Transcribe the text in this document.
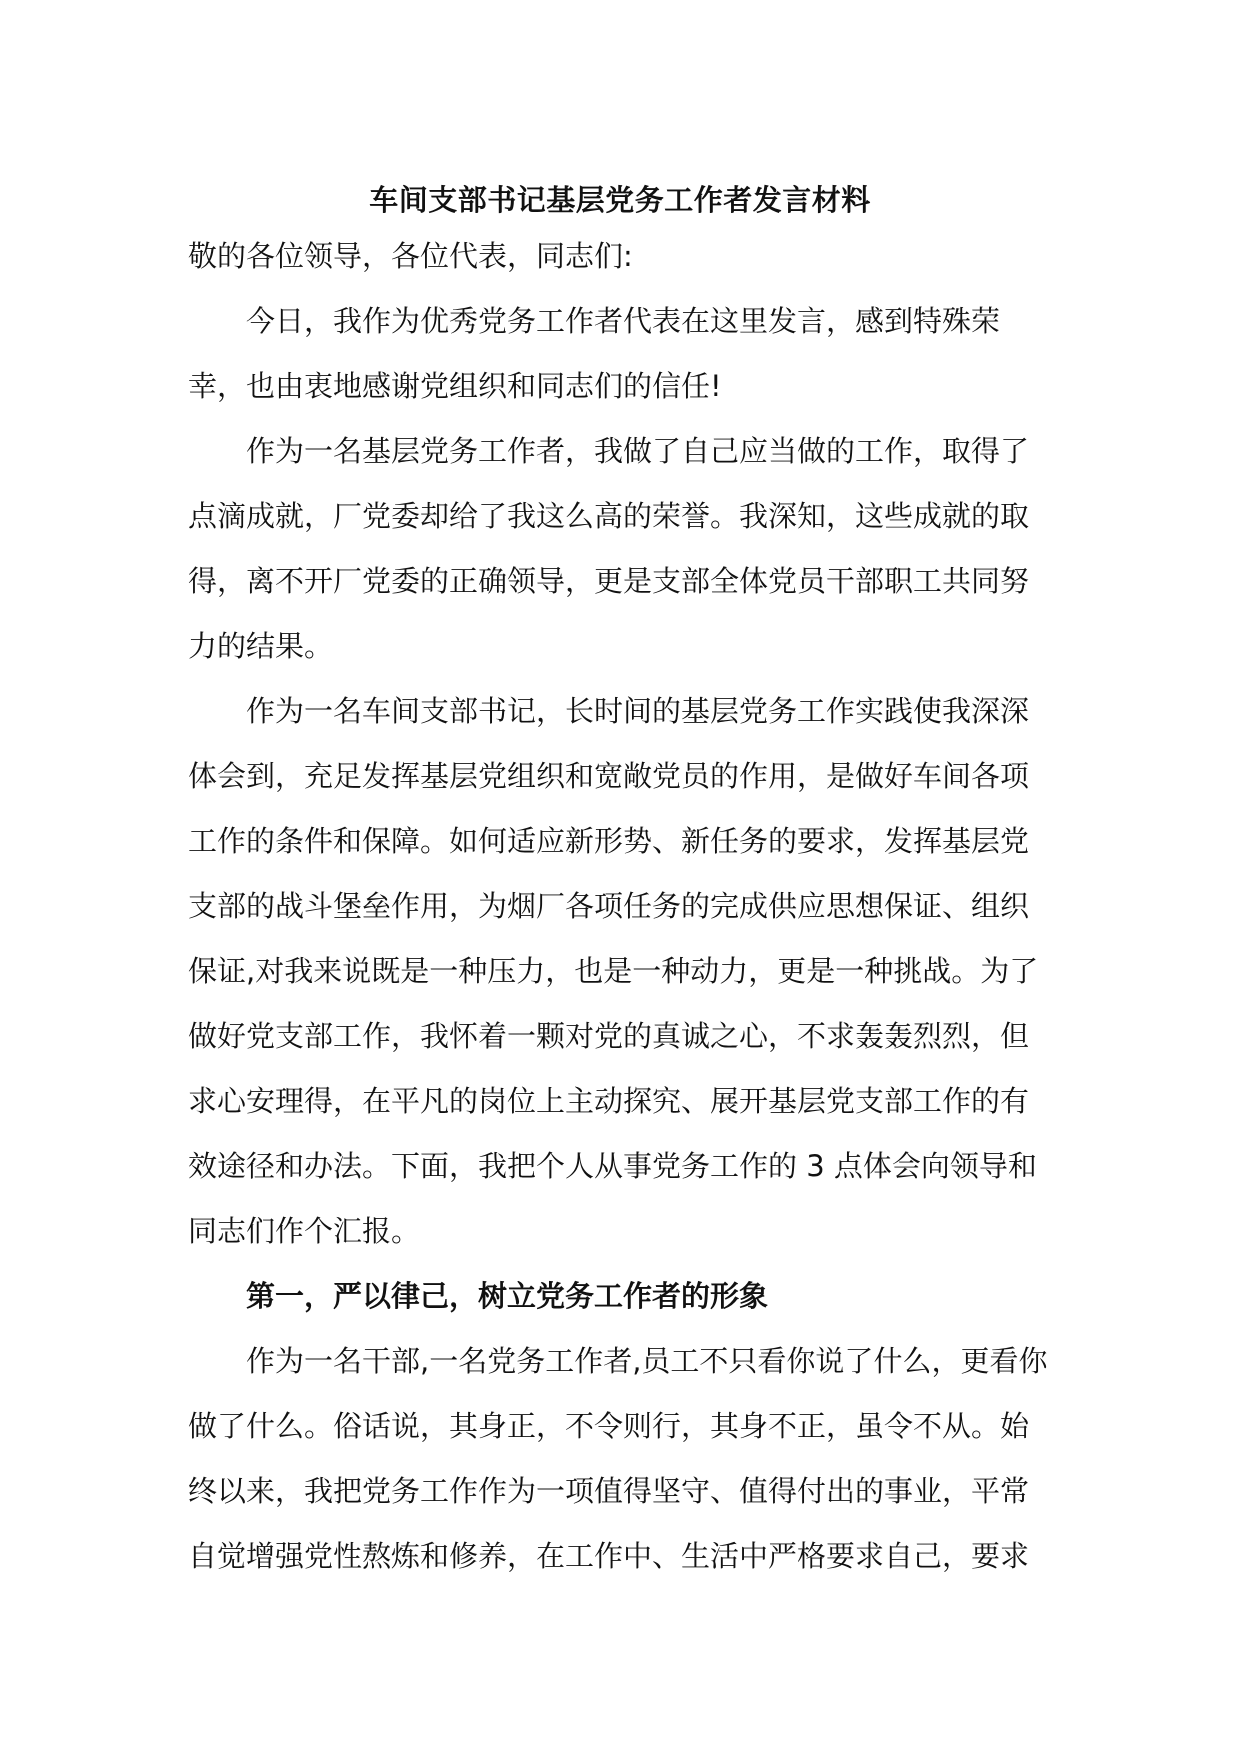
车间支部书记基层党务工作者发言材料

敬的各位领导，各位代表，同志们:

今日，我作为优秀党务工作者代表在这里发言，感到特殊荣

幸，也由衷地感谢党组织和同志们的信任!

作为一名基层党务工作者，我做了自己应当做的工作，取得了

点滴成就，厂党委却给了我这么高的荣誉。我深知，这些成就的取

得，离不开厂党委的正确领导，更是支部全体党员干部职工共同努

力的结果。

作为一名车间支部书记，长时间的基层党务工作实践使我深深

体会到，充足发挥基层党组织和宽敞党员的作用，是做好车间各项

工作的条件和保障。如何适应新形势、新任务的要求，发挥基层党

支部的战斗堡垒作用，为烟厂各项任务的完成供应思想保证、组织

保证,对我来说既是一种压力，也是一种动力，更是一种挑战。为了

做好党支部工作，我怀着一颗对党的真诚之心，不求轰轰烈烈，但

求心安理得，在平凡的岗位上主动探究、展开基层党支部工作的有

效途径和办法。下面，我把个人从事党务工作的 3 点体会向领导和

同志们作个汇报。

第一，严以律己，树立党务工作者的形象

作为一名干部,一名党务工作者,员工不只看你说了什么，更看你

做了什么。俗话说，其身正，不令则行，其身不正，虽令不从。始

终以来，我把党务工作作为一项值得坚守、值得付出的事业，平常

自觉增强党性熬炼和修养，在工作中、生活中严格要求自己，要求
